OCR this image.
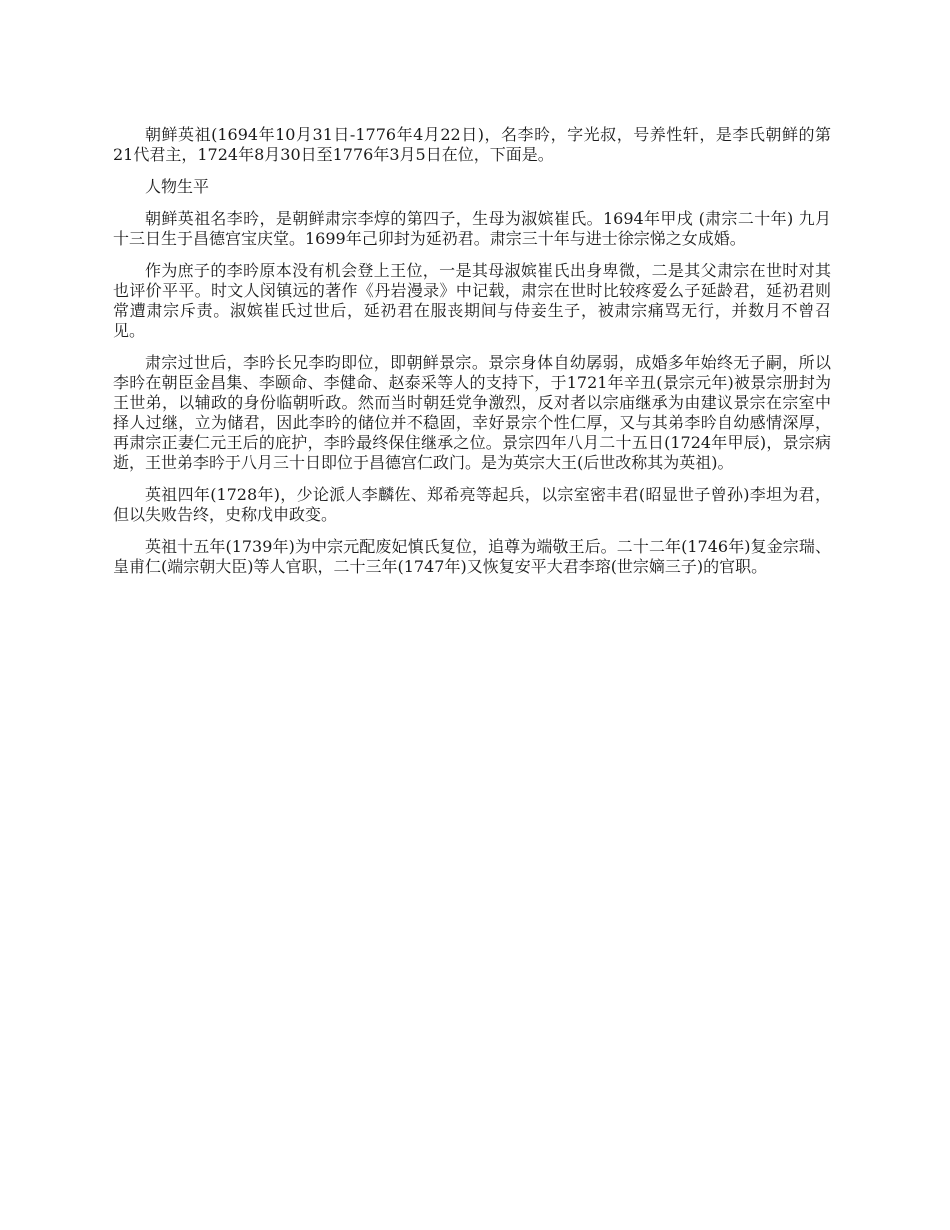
朝鲜英祖(1694年10月31日-1776年4月22日)，名李昑，字光叔，号养性轩，是李氏朝鲜的第21代君主，1724年8月30日至1776年3月5日在位，下面是。

人物生平

朝鲜英祖名李昑，是朝鲜肃宗李焞的第四子，生母为淑嫔崔氏。1694年甲戌 (肃宗二十年) 九月十三日生于昌德宫宝庆堂。1699年己卯封为延礽君。肃宗三十年与进士徐宗悌之女成婚。

作为庶子的李昑原本没有机会登上王位，一是其母淑嫔崔氏出身卑微，二是其父肃宗在世时对其也评价平平。时文人闵镇远的著作《丹岩漫录》中记载，肃宗在世时比较疼爱么子延龄君，延礽君则常遭肃宗斥责。淑嫔崔氏过世后，延礽君在服丧期间与侍妾生子，被肃宗痛骂无行，并数月不曾召见。

肃宗过世后，李昑长兄李昀即位，即朝鲜景宗。景宗身体自幼孱弱，成婚多年始终无子嗣，所以李昑在朝臣金昌集、李颐命、李健命、赵泰采等人的支持下，于1721年辛丑(景宗元年)被景宗册封为王世弟，以辅政的身份临朝听政。然而当时朝廷党争激烈，反对者以宗庙继承为由建议景宗在宗室中择人过继，立为储君，因此李昑的储位并不稳固，幸好景宗个性仁厚，又与其弟李昑自幼感情深厚，再肃宗正妻仁元王后的庇护，李昑最终保住继承之位。景宗四年八月二十五日(1724年甲辰)，景宗病逝，王世弟李昑于八月三十日即位于昌德宫仁政门。是为英宗大王(后世改称其为英祖)。

英祖四年(1728年)，少论派人李麟佐、郑希亮等起兵，以宗室密丰君(昭显世子曾孙)李坦为君，但以失败告终，史称戊申政变。

英祖十五年(1739年)为中宗元配废妃慎氏复位，追尊为端敬王后。二十二年(1746年)复金宗瑞、皇甫仁(端宗朝大臣)等人官职，二十三年(1747年)又恢复安平大君李瑢(世宗嫡三子)的官职。
